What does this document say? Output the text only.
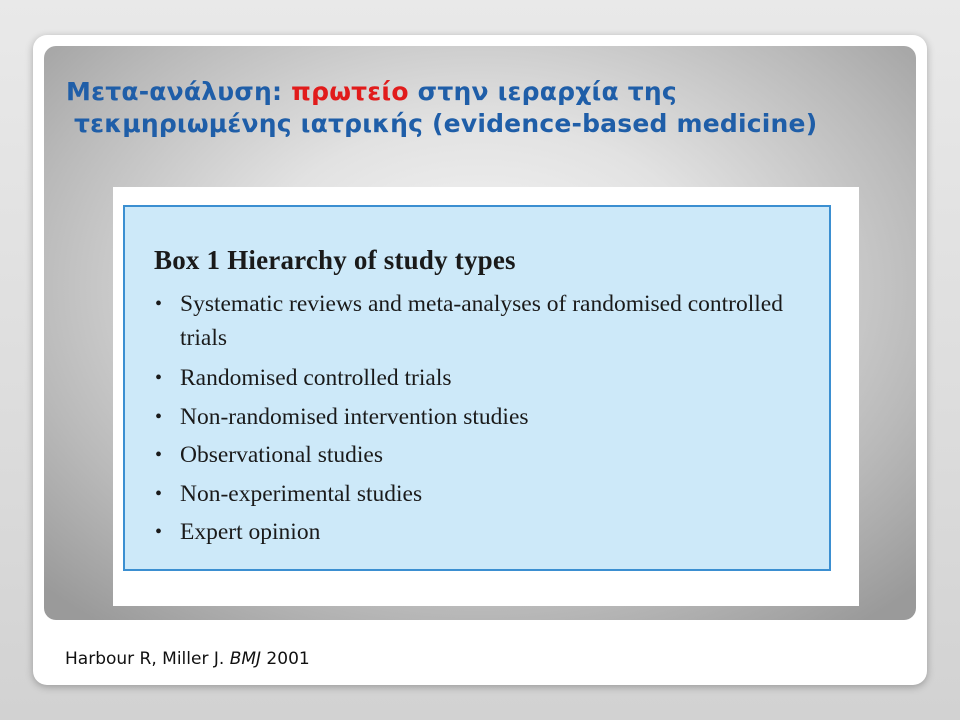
Μετα-ανάλυση: πρωτείο στην ιεραρχία της
τεκμηριωμένης ιατρικής (evidence-based medicine)
Box 1 Hierarchy of study types
• Systematic reviews and meta-analyses of randomised controlled trials
• Randomised controlled trials
• Non-randomised intervention studies
• Observational studies
• Non-experimental studies
• Expert opinion
Harbour R, Miller J. BMJ 2001
